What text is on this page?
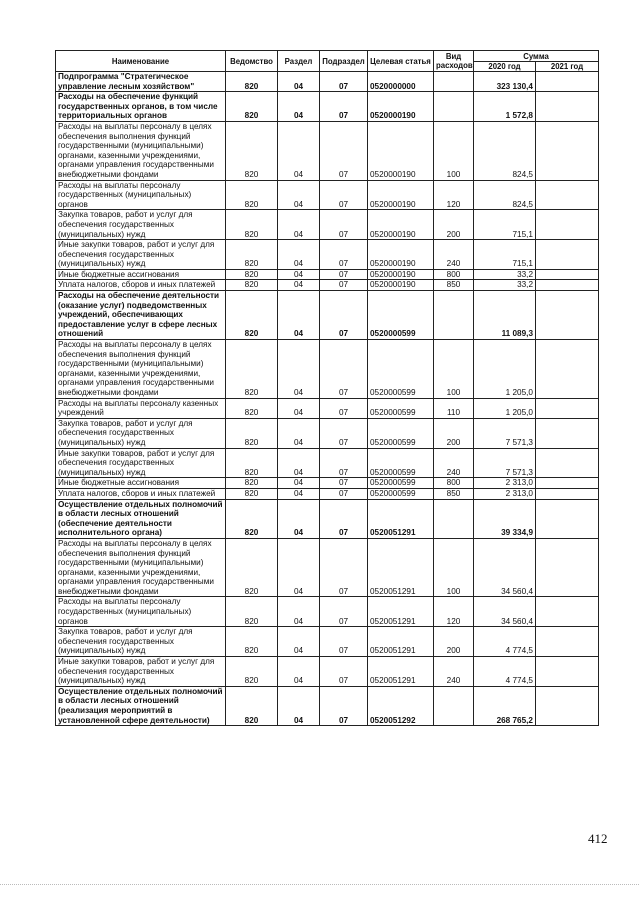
Наименование	Ведомство	Раздел	Подраздел	Целевая статья	Вид расходов	Сумма	
						2020 год	2021 год
Подпрограмма "Стратегическое управление лесным хозяйством"	820	04	07	0520000000		323 130,4	
Расходы на обеспечение функций государственных органов, в том числе территориальных органов	820	04	07	0520000190		1 572,8	
Расходы на выплаты персоналу в целях обеспечения выполнения функций государственными (муниципальными) органами, казенными учреждениями, органами управления государственными внебюджетными фондами	820	04	07	0520000190	100	824,5	
Расходы на выплаты персоналу государственных (муниципальных) органов	820	04	07	0520000190	120	824,5	
Закупка товаров, работ и услуг для обеспечения государственных (муниципальных) нужд	820	04	07	0520000190	200	715,1	
Иные закупки товаров, работ и услуг для обеспечения государственных (муниципальных) нужд	820	04	07	0520000190	240	715,1	
Иные бюджетные ассигнования	820	04	07	0520000190	800	33,2	
Уплата налогов, сборов и иных платежей	820	04	07	0520000190	850	33,2	
Расходы на обеспечение деятельности (оказание услуг) подведомственных учреждений, обеспечивающих предоставление услуг в сфере лесных отношений	820	04	07	0520000599		11 089,3	
Расходы на выплаты персоналу в целях обеспечения выполнения функций государственными (муниципальными) органами, казенными учреждениями, органами управления государственными внебюджетными фондами	820	04	07	0520000599	100	1 205,0	
Расходы на выплаты персоналу казенных учреждений	820	04	07	0520000599	110	1 205,0	
Закупка товаров, работ и услуг для обеспечения государственных (муниципальных) нужд	820	04	07	0520000599	200	7 571,3	
Иные закупки товаров, работ и услуг для обеспечения государственных (муниципальных) нужд	820	04	07	0520000599	240	7 571,3	
Иные бюджетные ассигнования	820	04	07	0520000599	800	2 313,0	
Уплата налогов, сборов и иных платежей	820	04	07	0520000599	850	2 313,0	
Осуществление отдельных полномочий в области лесных отношений (обеспечение деятельности исполнительного органа)	820	04	07	0520051291		39 334,9	
Расходы на выплаты персоналу в целях обеспечения выполнения функций государственными (муниципальными) органами, казенными учреждениями, органами управления государственными внебюджетными фондами	820	04	07	0520051291	100	34 560,4	
Расходы на выплаты персоналу государственных (муниципальных) органов	820	04	07	0520051291	120	34 560,4	
Закупка товаров, работ и услуг для обеспечения государственных (муниципальных) нужд	820	04	07	0520051291	200	4 774,5	
Иные закупки товаров, работ и услуг для обеспечения государственных (муниципальных) нужд	820	04	07	0520051291	240	4 774,5	
Осуществление отдельных полномочий в области лесных отношений (реализация мероприятий в установленной сфере деятельности)	820	04	07	0520051292		268 765,2	
412
